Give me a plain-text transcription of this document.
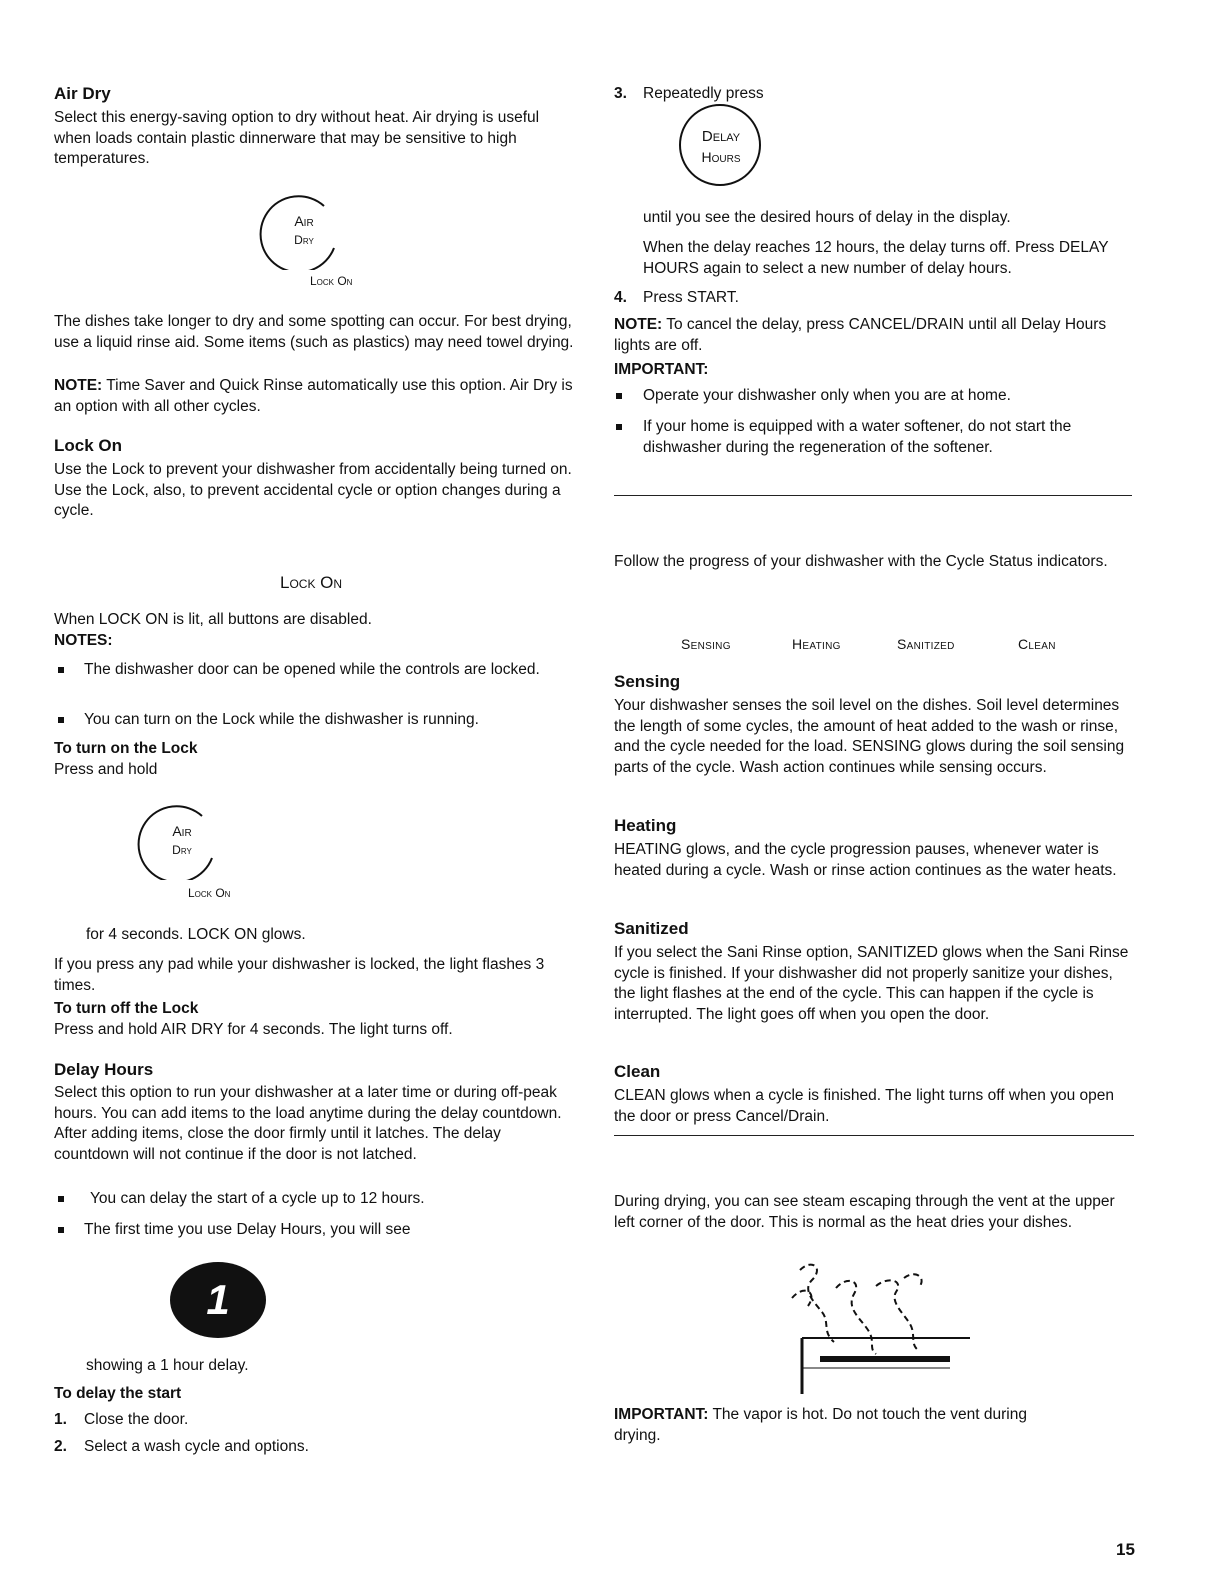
Air Dry

Select this energy-saving option to dry without heat. Air drying is useful when loads contain plastic dinnerware that may be sensitive to high temperatures.

Air
Dry
Lock On

The dishes take longer to dry and some spotting can occur. For best drying, use a liquid rinse aid. Some items (such as plastics) may need towel drying.

NOTE: Time Saver and Quick Rinse automatically use this option. Air Dry is an option with all other cycles.

Lock On

Use the Lock to prevent your dishwasher from accidentally being turned on. Use the Lock, also, to prevent accidental cycle or option changes during a cycle.

Lock On

When LOCK ON is lit, all buttons are disabled.

NOTES:

The dishwasher door can be opened while the controls are locked.

You can turn on the Lock while the dishwasher is running.

To turn on the Lock

Press and hold

Air
Dry
Lock On

for 4 seconds. LOCK ON glows.

If you press any pad while your dishwasher is locked, the light flashes 3 times.

To turn off the Lock

Press and hold AIR DRY for 4 seconds. The light turns off.

Delay Hours

Select this option to run your dishwasher at a later time or during off-peak hours. You can add items to the load anytime during the delay countdown. After adding items, close the door firmly until it latches. The delay countdown will not continue if the door is not latched.

You can delay the start of a cycle up to 12 hours.

The first time you use Delay Hours, you will see

1

showing a 1 hour delay.

To delay the start

1. Close the door.

2. Select a wash cycle and options.

3. Repeatedly press

Delay
Hours

until you see the desired hours of delay in the display.

When the delay reaches 12 hours, the delay turns off. Press DELAY HOURS again to select a new number of delay hours.

4. Press START.

NOTE: To cancel the delay, press CANCEL/DRAIN until all Delay Hours lights are off.

IMPORTANT:

Operate your dishwasher only when you are at home.

If your home is equipped with a water softener, do not start the dishwasher during the regeneration of the softener.

Follow the progress of your dishwasher with the Cycle Status indicators.

Sensing	Heating	Sanitized	Clean
Sensing

Your dishwasher senses the soil level on the dishes. Soil level determines the length of some cycles, the amount of heat added to the wash or rinse, and the cycle needed for the load. SENSING glows during the soil sensing parts of the cycle. Wash action continues while sensing occurs.

Heating

HEATING glows, and the cycle progression pauses, whenever water is heated during a cycle. Wash or rinse action continues as the water heats.

Sanitized

If you select the Sani Rinse option, SANITIZED glows when the Sani Rinse cycle is finished. If your dishwasher did not properly sanitize your dishes, the light flashes at the end of the cycle. This can happen if the cycle is interrupted. The light goes off when you open the door.

Clean

CLEAN glows when a cycle is finished. The light turns off when you open the door or press Cancel/Drain.

During drying, you can see steam escaping through the vent at the upper left corner of the door. This is normal as the heat dries your dishes.

IMPORTANT: The vapor is hot. Do not touch the vent during drying.

15
